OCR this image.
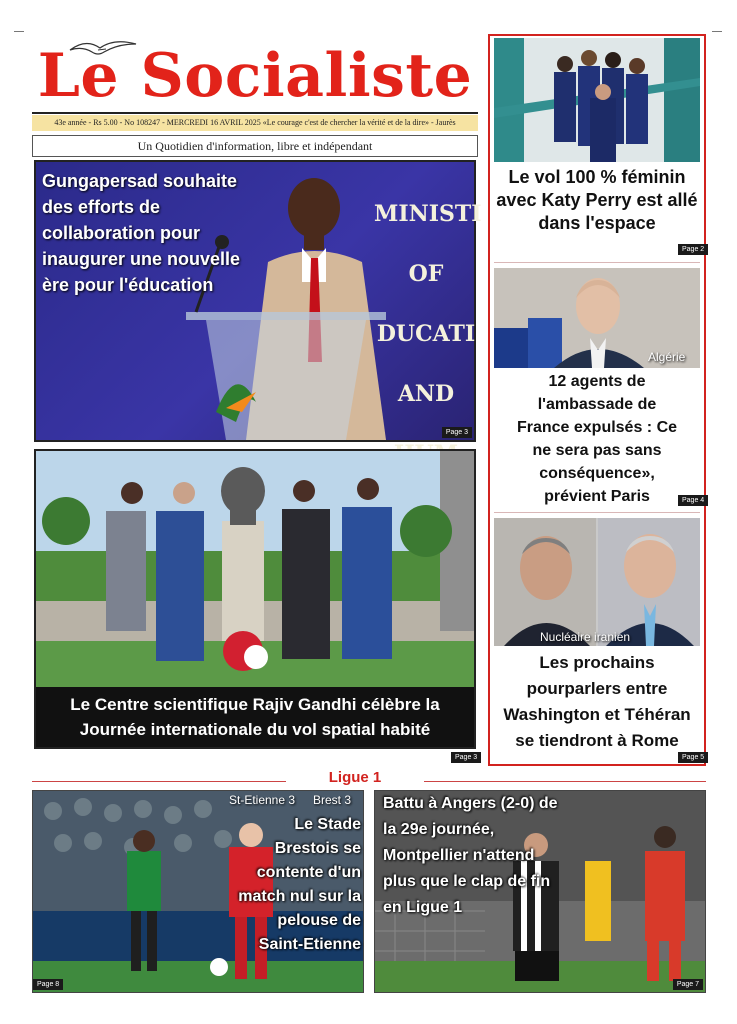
Le Socialiste
43e année - Rs 5.00 - No 108247 - MERCREDI 16 AVRIL 2025 «Le courage c'est de chercher la vérité et de la dire» - Jaurès
Un Quotidien d'information, libre et indépendant
MINISTI
OF
DUCATI
AND
Gungapersad souhaite des efforts de collaboration pour inaugurer une nouvelle ère pour l'éducation
Page 3
Le Centre scientifique Rajiv Gandhi célèbre la Journée internationale du vol spatial habité
Page 3
Le vol 100 % féminin avec Katy Perry est allé dans l'espace
Page 2
Algérie
12 agents de l'ambassade de France expulsés : Ce ne sera pas sans conséquence», prévient Paris	Page 4
Nucléaire iranien
Les prochains pourparlers entre Washington et Téhéran se tiendront à Rome
Page 5
Ligue 1
St-Etienne 3 Brest 3
Le Stade Brestois se contente d'un match nul sur la pelouse de Saint-Etienne
Page 8
Battu à Angers (2-0) de la 29e journée, Montpellier n'attend plus que le clap de fin en Ligue 1
Page 7
